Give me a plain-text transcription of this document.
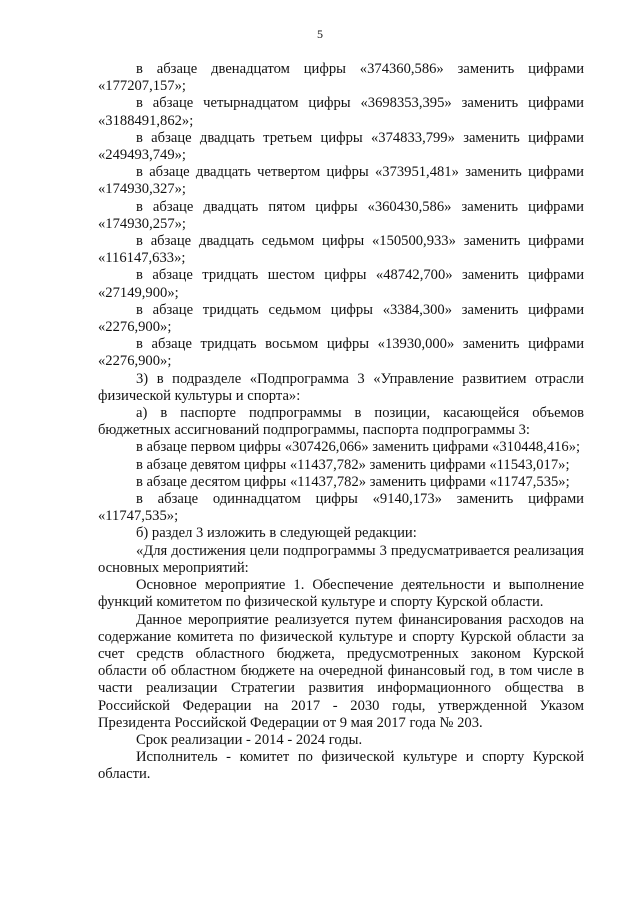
5

в абзаце двенадцатом цифры «374360,586» заменить цифрами «177207,157»;

в абзаце четырнадцатом цифры «3698353,395» заменить цифрами «3188491,862»;

в абзаце двадцать третьем цифры «374833,799» заменить цифрами «249493,749»;

в абзаце двадцать четвертом цифры «373951,481» заменить цифрами «174930,327»;

в абзаце двадцать пятом цифры «360430,586» заменить цифрами «174930,257»;

в абзаце двадцать седьмом цифры «150500,933» заменить цифрами «116147,633»;

в абзаце тридцать шестом цифры «48742,700» заменить цифрами «27149,900»;

в абзаце тридцать седьмом цифры «3384,300» заменить цифрами «2276,900»;

в абзаце тридцать восьмом цифры «13930,000» заменить цифрами «2276,900»;

3) в подразделе «Подпрограмма 3 «Управление развитием отрасли физической культуры и спорта»:

а) в паспорте подпрограммы в позиции, касающейся объемов бюджетных ассигнований подпрограммы, паспорта подпрограммы 3:

в абзаце первом цифры «307426,066» заменить цифрами «310448,416»;

в абзаце девятом цифры «11437,782» заменить цифрами «11543,017»;

в абзаце десятом цифры «11437,782» заменить цифрами «11747,535»;

в абзаце одиннадцатом цифры «9140,173» заменить цифрами «11747,535»;

б) раздел 3 изложить в следующей редакции:

«Для достижения цели подпрограммы 3 предусматривается реализация основных мероприятий:

Основное мероприятие 1. Обеспечение деятельности и выполнение функций комитетом по физической культуре и спорту Курской области.

Данное мероприятие реализуется путем финансирования расходов на содержание комитета по физической культуре и спорту Курской области за счет средств областного бюджета, предусмотренных законом Курской области об областном бюджете на очередной финансовый год, в том числе в части реализации Стратегии развития информационного общества в Российской Федерации на 2017 - 2030 годы, утвержденной Указом Президента Российской Федерации от 9 мая 2017 года № 203.

Срок реализации - 2014 - 2024 годы.

Исполнитель - комитет по физической культуре и спорту Курской области.
